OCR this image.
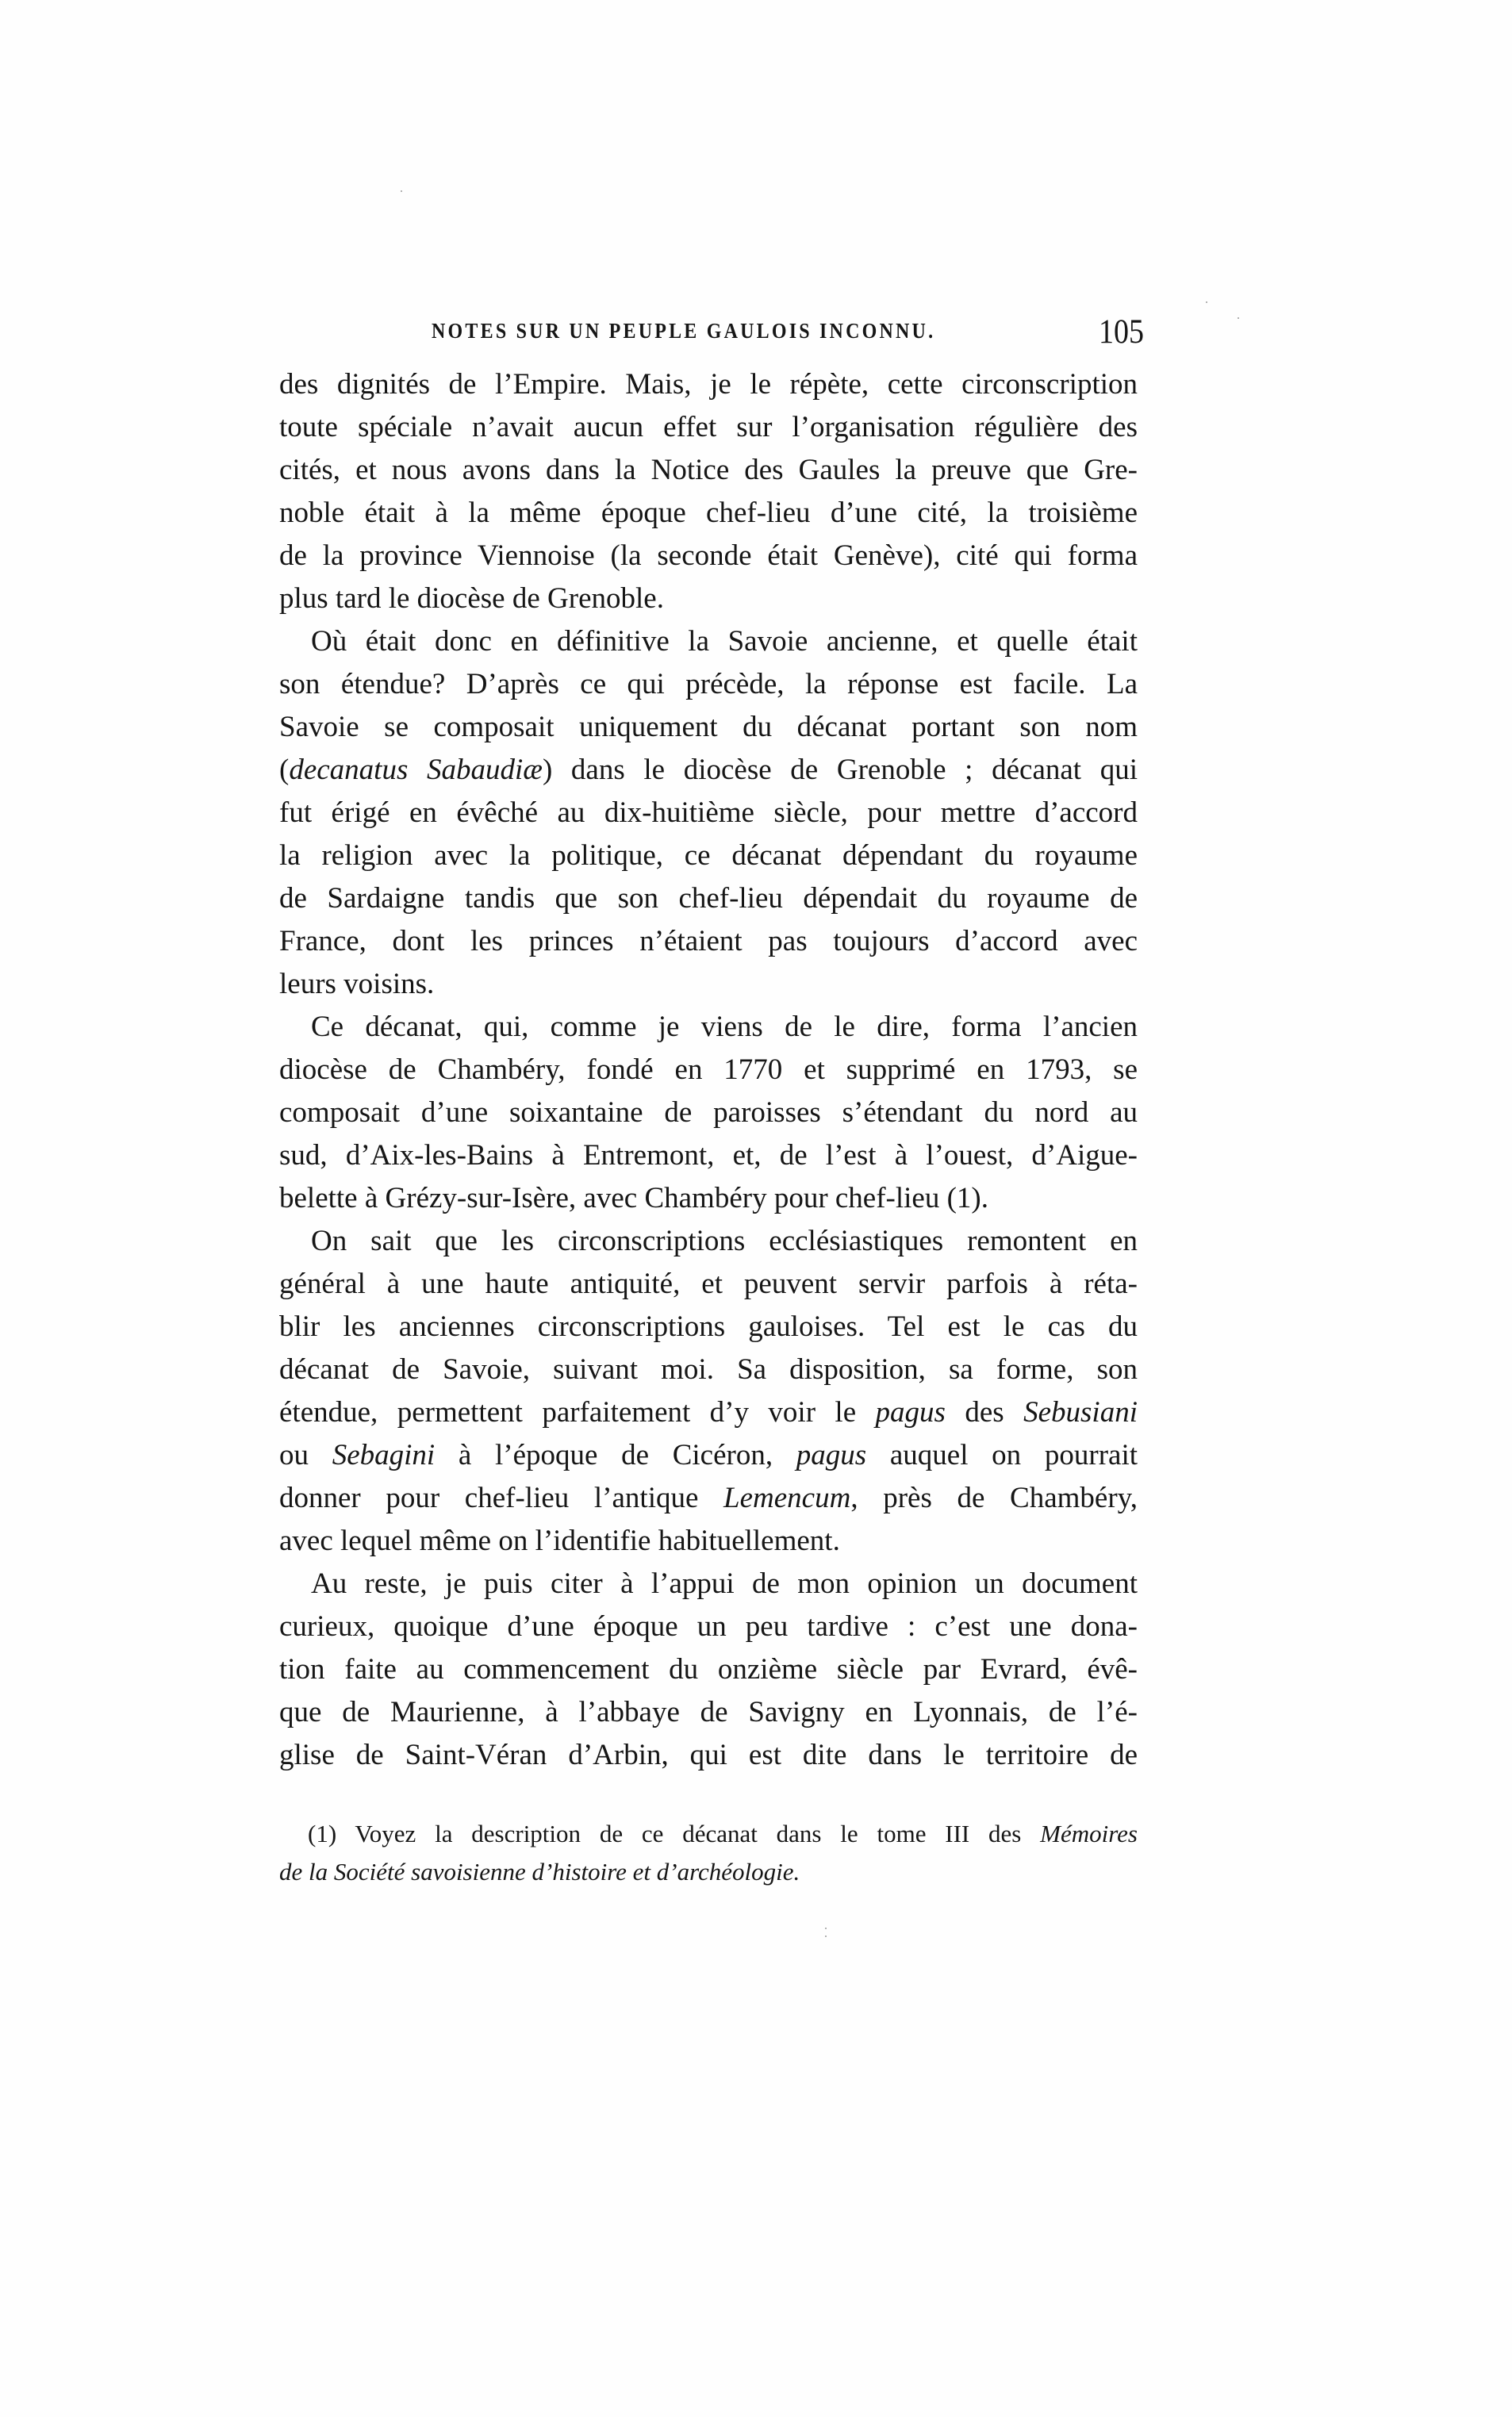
NOTES SUR UN PEUPLE GAULOIS INCONNU.	105
des dignités de l’Empire. Mais, je le répète, cette circonscription
toute spéciale n’avait aucun effet sur l’organisation régulière des
cités, et nous avons dans la Notice des Gaules la preuve que Gre-
noble était à la même époque chef-lieu d’une cité, la troisième
de la province Viennoise (la seconde était Genève), cité qui forma
plus tard le diocèse de Grenoble.
Où était donc en définitive la Savoie ancienne, et quelle était
son étendue? D’après ce qui précède, la réponse est facile. La
Savoie se composait uniquement du décanat portant son nom
(decanatus Sabaudiæ) dans le diocèse de Grenoble ; décanat qui
fut érigé en évêché au dix-huitième siècle, pour mettre d’accord
la religion avec la politique, ce décanat dépendant du royaume
de Sardaigne tandis que son chef-lieu dépendait du royaume de
France, dont les princes n’étaient pas toujours d’accord avec
leurs voisins.
Ce décanat, qui, comme je viens de le dire, forma l’ancien
diocèse de Chambéry, fondé en 1770 et supprimé en 1793, se
composait d’une soixantaine de paroisses s’étendant du nord au
sud, d’Aix-les-Bains à Entremont, et, de l’est à l’ouest, d’Aigue-
belette à Grézy-sur-Isère, avec Chambéry pour chef-lieu (1).
On sait que les circonscriptions ecclésiastiques remontent en
général à une haute antiquité, et peuvent servir parfois à réta-
blir les anciennes circonscriptions gauloises. Tel est le cas du
décanat de Savoie, suivant moi. Sa disposition, sa forme, son
étendue, permettent parfaitement d’y voir le pagus des Sebusiani
ou Sebagini à l’époque de Cicéron, pagus auquel on pourrait
donner pour chef-lieu l’antique Lemencum, près de Chambéry,
avec lequel même on l’identifie habituellement.
Au reste, je puis citer à l’appui de mon opinion un document
curieux, quoique d’une époque un peu tardive : c’est une dona-
tion faite au commencement du onzième siècle par Evrard, évê-
que de Maurienne, à l’abbaye de Savigny en Lyonnais, de l’é-
glise de Saint-Véran d’Arbin, qui est dite dans le territoire de
(1) Voyez la description de ce décanat dans le tome III des Mémoires
de la Société savoisienne d’histoire et d’archéologie.
